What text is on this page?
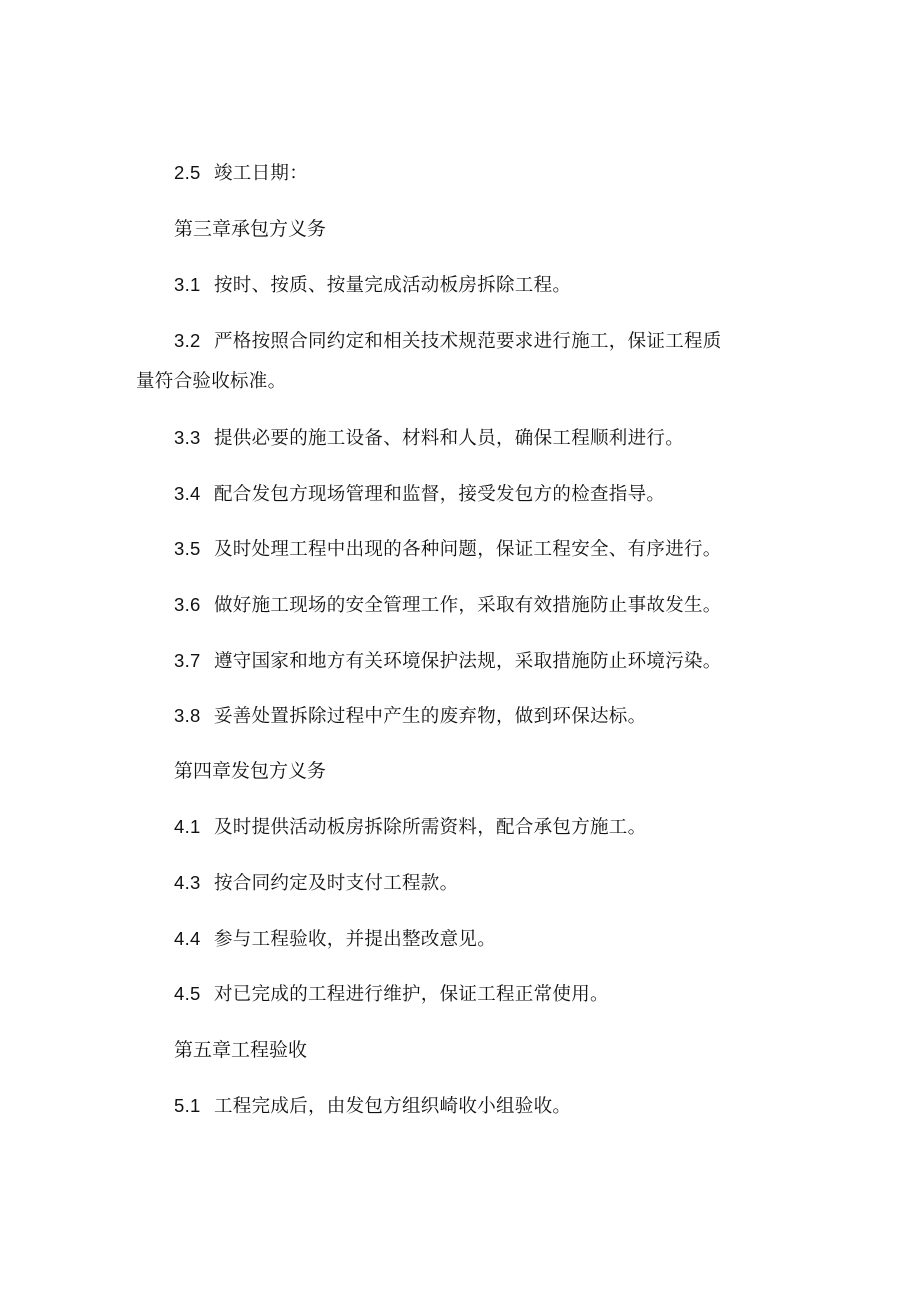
2.5 竣工日期：
第三章承包方义务
3.1 按时、按质、按量完成活动板房拆除工程。
3.2 严格按照合同约定和相关技术规范要求进行施工，保证工程质
量符合验收标准。
3.3 提供必要的施工设备、材料和人员，确保工程顺利进行。
3.4 配合发包方现场管理和监督，接受发包方的检查指导。
3.5 及时处理工程中出现的各种问题，保证工程安全、有序进行。
3.6 做好施工现场的安全管理工作，采取有效措施防止事故发生。
3.7 遵守国家和地方有关环境保护法规，采取措施防止环境污染。
3.8 妥善处置拆除过程中产生的废弃物，做到环保达标。
第四章发包方义务
4.1 及时提供活动板房拆除所需资料，配合承包方施工。
4.3 按合同约定及时支付工程款。
4.4 参与工程验收，并提出整改意见。
4.5 对已完成的工程进行维护，保证工程正常使用。
第五章工程验收
5.1 工程完成后，由发包方组织崎收小组验收。
